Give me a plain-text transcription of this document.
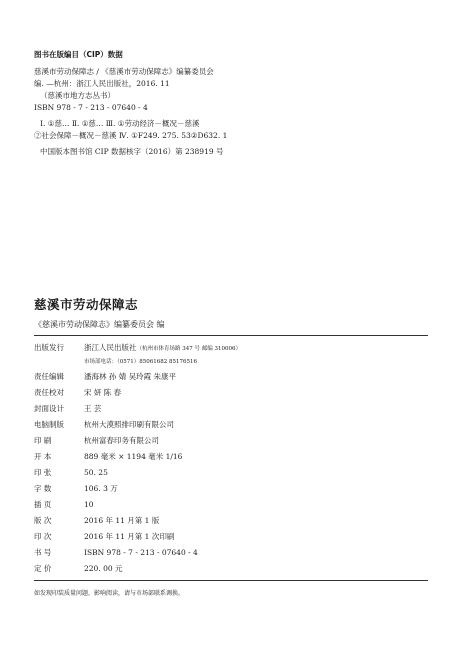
图书在版编目（CIP）数据
慈溪市劳动保障志 / 《慈溪市劳动保障志》编纂委员会
编. —杭州：浙江人民出版社，2016. 11
（慈溪市地方志丛书）
ISBN 978 - 7 - 213 - 07640 - 4
Ⅰ. ①慈… Ⅱ. ①慈… Ⅲ. ①劳动经济－概况－慈溪
②社会保障－概况－慈溪 Ⅳ. ①F249. 275. 53②D632. 1
中国版本图书馆 CIP 数据核字（2016）第 238919 号
慈溪市劳动保障志
《慈溪市劳动保障志》编纂委员会 编
出版发行	浙江人民出版社（杭州市体育场路 347 号 邮编 310006）
市场部电话：（0571）85061682 85176516
责任编辑	潘海林 孙 婧 吴玲霞 朱康平
责任校对	宋 妍 陈 春
封面设计	王 芸
电脑制版	杭州大漠照排印刷有限公司
印 刷	杭州富春印务有限公司
开 本	889 毫米 × 1194 毫米 1/16
印 张	50. 25
字 数	106. 3 万
插 页	10
版 次	2016 年 11 月第 1 版
印 次	2016 年 11 月第 1 次印刷
书 号	ISBN 978 - 7 - 213 - 07640 - 4
定 价	220. 00 元
如发现印装质量问题，影响阅读，请与市场部联系调换。
